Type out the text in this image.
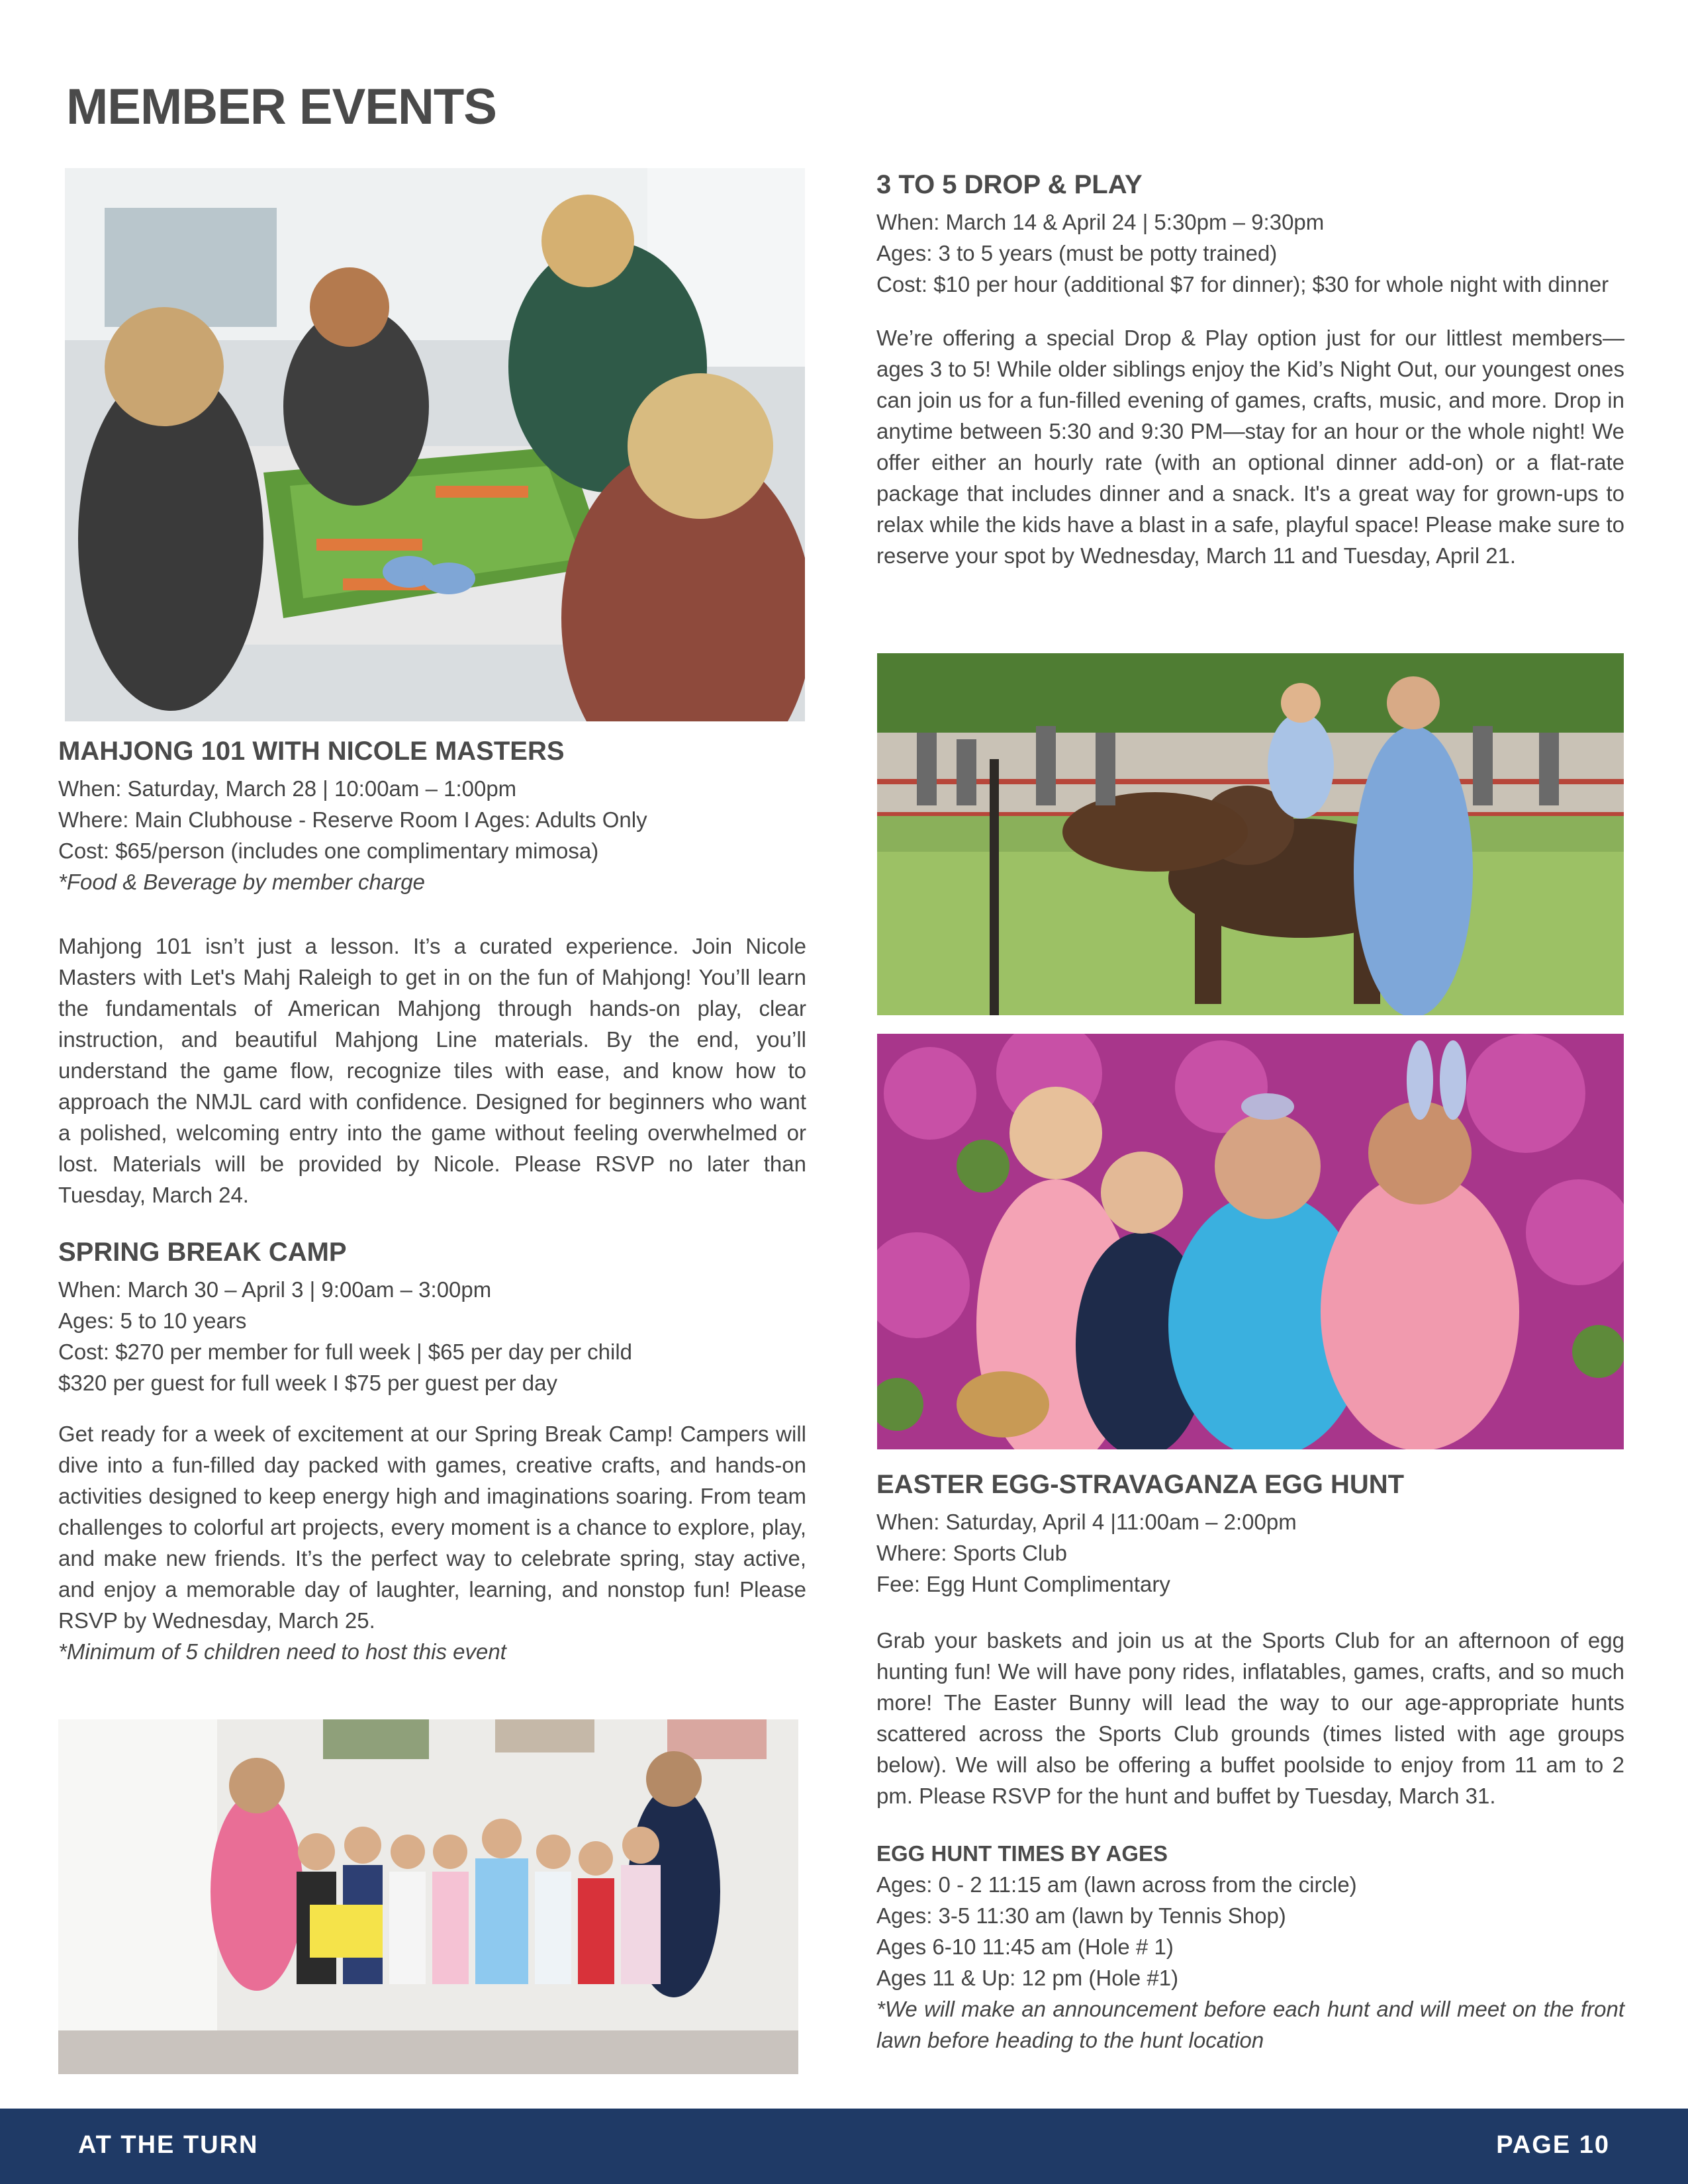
MEMBER EVENTS
MAHJONG 101 WITH NICOLE MASTERS

When: Saturday, March 28 | 10:00am – 1:00pm

Where: Main Clubhouse - Reserve Room I Ages: Adults Only

Cost: $65/person (includes one complimentary mimosa)

*Food & Beverage by member charge

Mahjong 101 isn’t just a lesson. It’s a curated experience. Join Nicole Masters with Let's Mahj Raleigh to get in on the fun of Mahjong! You’ll learn the fundamentals of American Mahjong through hands-on play, clear instruction, and beautiful Mahjong Line materials. By the end, you’ll understand the game flow, recognize tiles with ease, and know how to approach the NMJL card with confidence. Designed for beginners who want a polished, welcoming entry into the game without feeling overwhelmed or lost. Materials will be provided by Nicole. Please RSVP no later than Tuesday, March 24.

SPRING BREAK CAMP

When: March 30 – April 3 | 9:00am – 3:00pm

Ages: 5 to 10 years

Cost: $270 per member for full week | $65 per day per child

$320 per guest for full week I $75 per guest per day

Get ready for a week of excitement at our Spring Break Camp! Campers will dive into a fun-filled day packed with games, creative crafts, and hands-on activities designed to keep energy high and imaginations soaring. From team challenges to colorful art projects, every moment is a chance to explore, play, and make new friends. It’s the perfect way to celebrate spring, stay active, and enjoy a memorable day of laughter, learning, and nonstop fun! Please RSVP by Wednesday, March 25.

*Minimum of 5 children need to host this event

3 TO 5 DROP & PLAY

When: March 14 & April 24 | 5:30pm – 9:30pm

Ages: 3 to 5 years (must be potty trained)

Cost: $10 per hour (additional $7 for dinner); $30 for whole night with dinner

We’re offering a special Drop & Play option just for our littlest members—ages 3 to 5! While older siblings enjoy the Kid’s Night Out, our youngest ones can join us for a fun-filled evening of games, crafts, music, and more. Drop in anytime between 5:30 and 9:30 PM—stay for an hour or the whole night! We offer either an hourly rate (with an optional dinner add-on) or a flat-rate package that includes dinner and a snack. It's a great way for grown-ups to relax while the kids have a blast in a safe, playful space! Please make sure to reserve your spot by Wednesday, March 11 and Tuesday, April 21.

EASTER EGG-STRAVAGANZA EGG HUNT

When: Saturday, April 4 |11:00am – 2:00pm

Where: Sports Club

Fee: Egg Hunt Complimentary

Grab your baskets and join us at the Sports Club for an afternoon of egg hunting fun! We will have pony rides, inflatables, games, crafts, and so much more! The Easter Bunny will lead the way to our age-appropriate hunts scattered across the Sports Club grounds (times listed with age groups below). We will also be offering a buffet poolside to enjoy from 11 am to 2 pm. Please RSVP for the hunt and buffet by Tuesday, March 31.

EGG HUNT TIMES BY AGES

Ages: 0 - 2 11:15 am (lawn across from the circle)

Ages: 3-5 11:30 am (lawn by Tennis Shop)

Ages 6-10 11:45 am (Hole # 1)

Ages 11 & Up: 12 pm (Hole #1)

*We will make an announcement before each hunt and will meet on the front lawn before heading to the hunt location

AT THE TURN	PAGE 10
